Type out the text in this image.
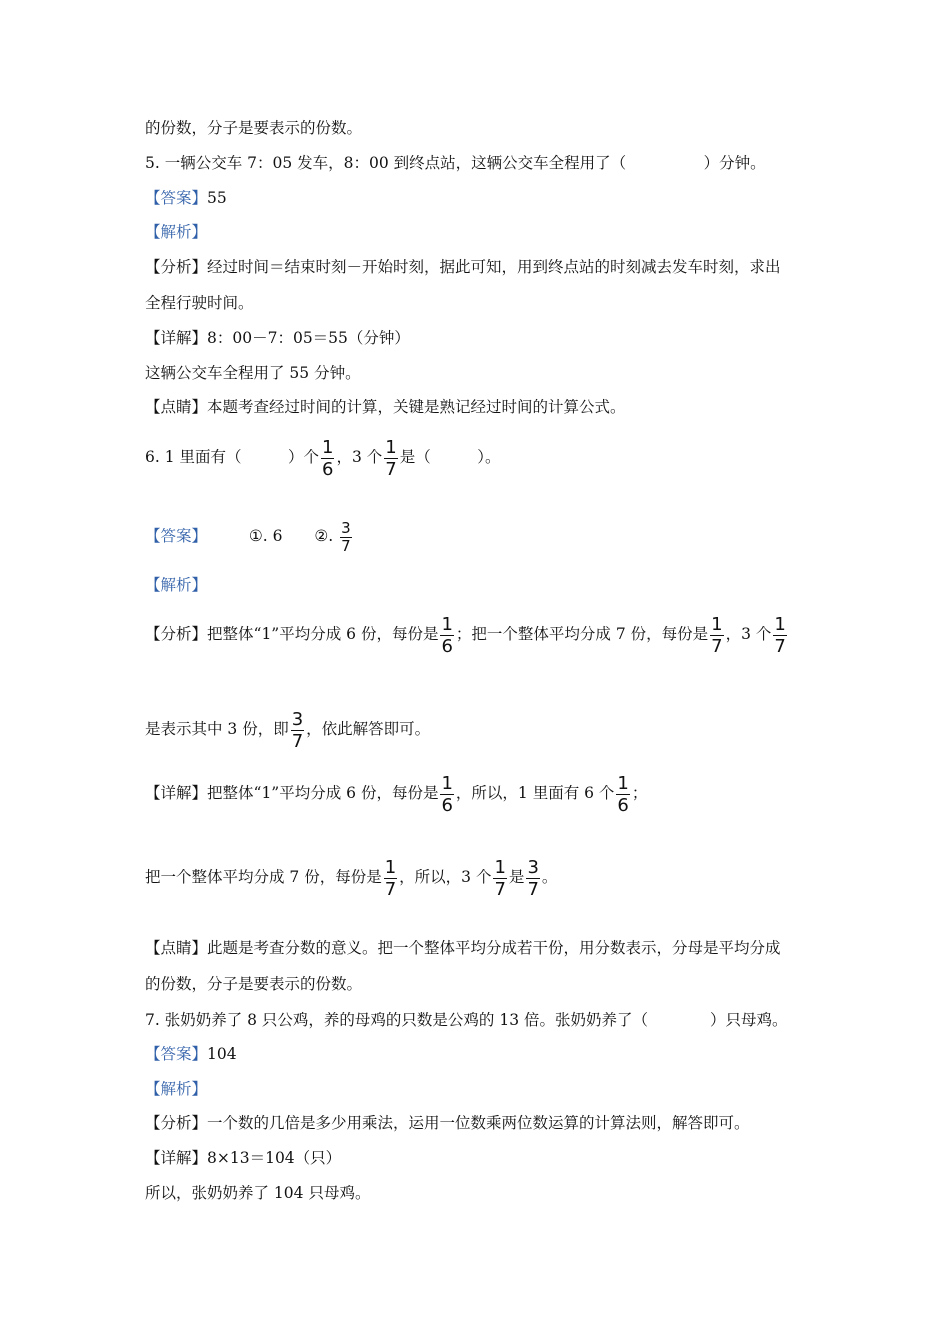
的份数，分子是要表示的份数。
5. 一辆公交车 7：05 发车，8：00 到终点站，这辆公交车全程用了（　　　　　）分钟。
【答案】55
【解析】
【分析】经过时间＝结束时刻－开始时刻，据此可知，用到终点站的时刻减去发车时刻，求出
全程行驶时间。
【详解】8：00－7：05＝55（分钟）
这辆公交车全程用了 55 分钟。
【点睛】本题考查经过时间的计算，关键是熟记经过时间的计算公式。
6. 1 里面有（　　　）个 $\frac{1}{6}$ ，3 个 $\frac{1}{7}$ 是（　　　）。
【答案】	①. 6 ②. $\frac{3}{7}$
【解析】
【分析】把整体“1”平均分成 6 份，每份是 $\frac{1}{6}$ ；把一个整体平均分成 7 份，每份是 $\frac{1}{7}$ ，3 个 $\frac{1}{7}$
是表示其中 3 份，即 $\frac{3}{7}$ ，依此解答即可。
【详解】把整体“1”平均分成 6 份，每份是 $\frac{1}{6}$ ，所以，1 里面有 6 个 $\frac{1}{6}$ ；
把一个整体平均分成 7 份，每份是 $\frac{1}{7}$ ，所以，3 个 $\frac{1}{7}$ 是 $\frac{3}{7}$ 。
【点睛】此题是考查分数的意义。把一个整体平均分成若干份，用分数表示，分母是平均分成
的份数，分子是要表示的份数。
7. 张奶奶养了 8 只公鸡，养的母鸡的只数是公鸡的 13 倍。张奶奶养了（　　　　）只母鸡。
【答案】104
【解析】
【分析】一个数的几倍是多少用乘法，运用一位数乘两位数运算的计算法则，解答即可。
【详解】8×13＝104（只）
所以，张奶奶养了 104 只母鸡。
